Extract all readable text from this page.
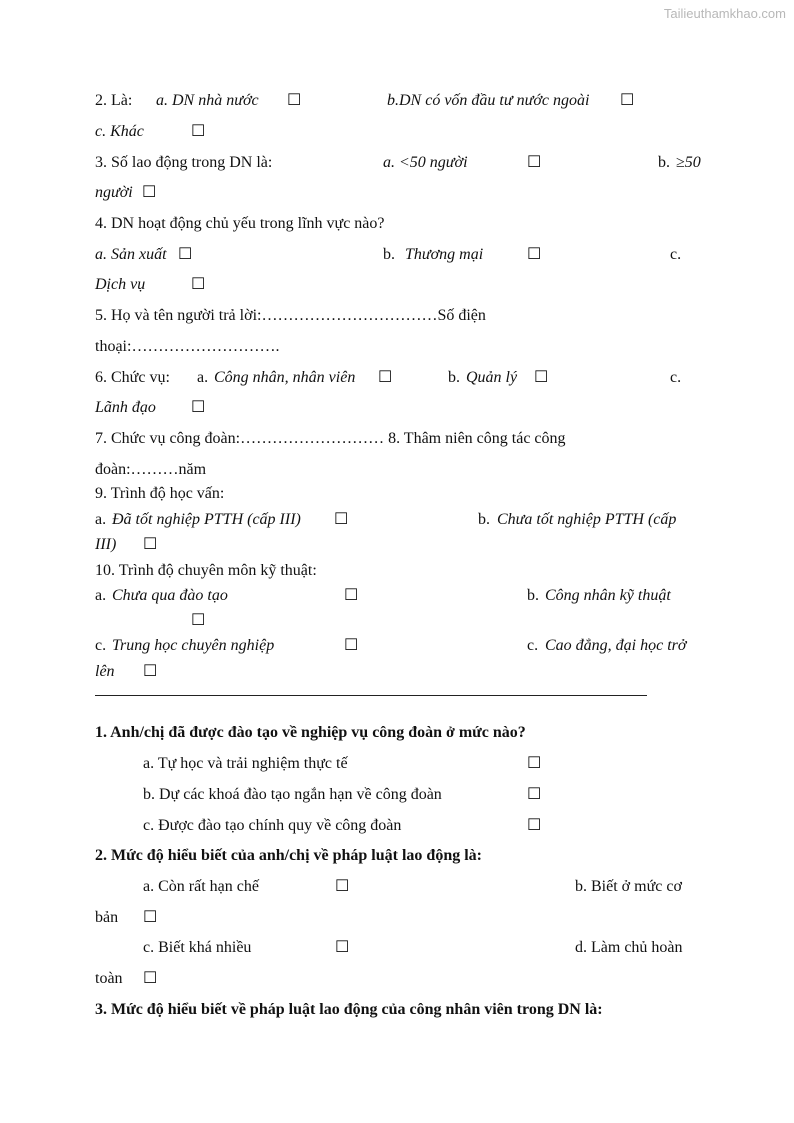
Tailieuthamkhao.com
2. Là: a. DN nhà nước ☐	b.DN có vốn đầu tư nước ngoài ☐
c. Khác	☐
3. Số lao động trong DN là:	a. <50 người	☐	b. ≥50
người ☐
4. DN hoạt động chủ yếu trong lĩnh vực nào?
a. Sản xuất ☐	b. Thương mại	☐	c.
Dịch vụ	☐
5. Họ và tên người trả lời:……………………………Số điện
thoại:……………………….
6. Chức vụ: a. Công nhân, nhân viên ☐	b. Quản lý ☐	c.
Lãnh đạo ☐
7. Chức vụ công đoàn:……………………… 8. Thâm niên công tác công
đoàn:………năm
9. Trình độ học vấn:
a. Đã tốt nghiệp PTTH (cấp III) ☐	b. Chưa tốt nghiệp PTTH (cấp
III) ☐
10. Trình độ chuyên môn kỹ thuật:
a. Chưa qua đào tạo	☐	b. Công nhân kỹ thuật
☐
c. Trung học chuyên nghiệp	☐	c. Cao đẳng, đại học trở
lên ☐
1. Anh/chị đã được đào tạo về nghiệp vụ công đoàn ở mức nào?
a. Tự học và trải nghiệm thực tế	☐
b. Dự các khoá đào tạo ngắn hạn về công đoàn	☐
c. Được đào tạo chính quy về công đoàn	☐
2. Mức độ hiểu biết của anh/chị về pháp luật lao động là:
a. Còn rất hạn chế	☐	b. Biết ở mức cơ
bản ☐
c. Biết khá nhiều	☐	d. Làm chủ hoàn
toàn ☐
3. Mức độ hiểu biết về pháp luật lao động của công nhân viên trong DN là:
